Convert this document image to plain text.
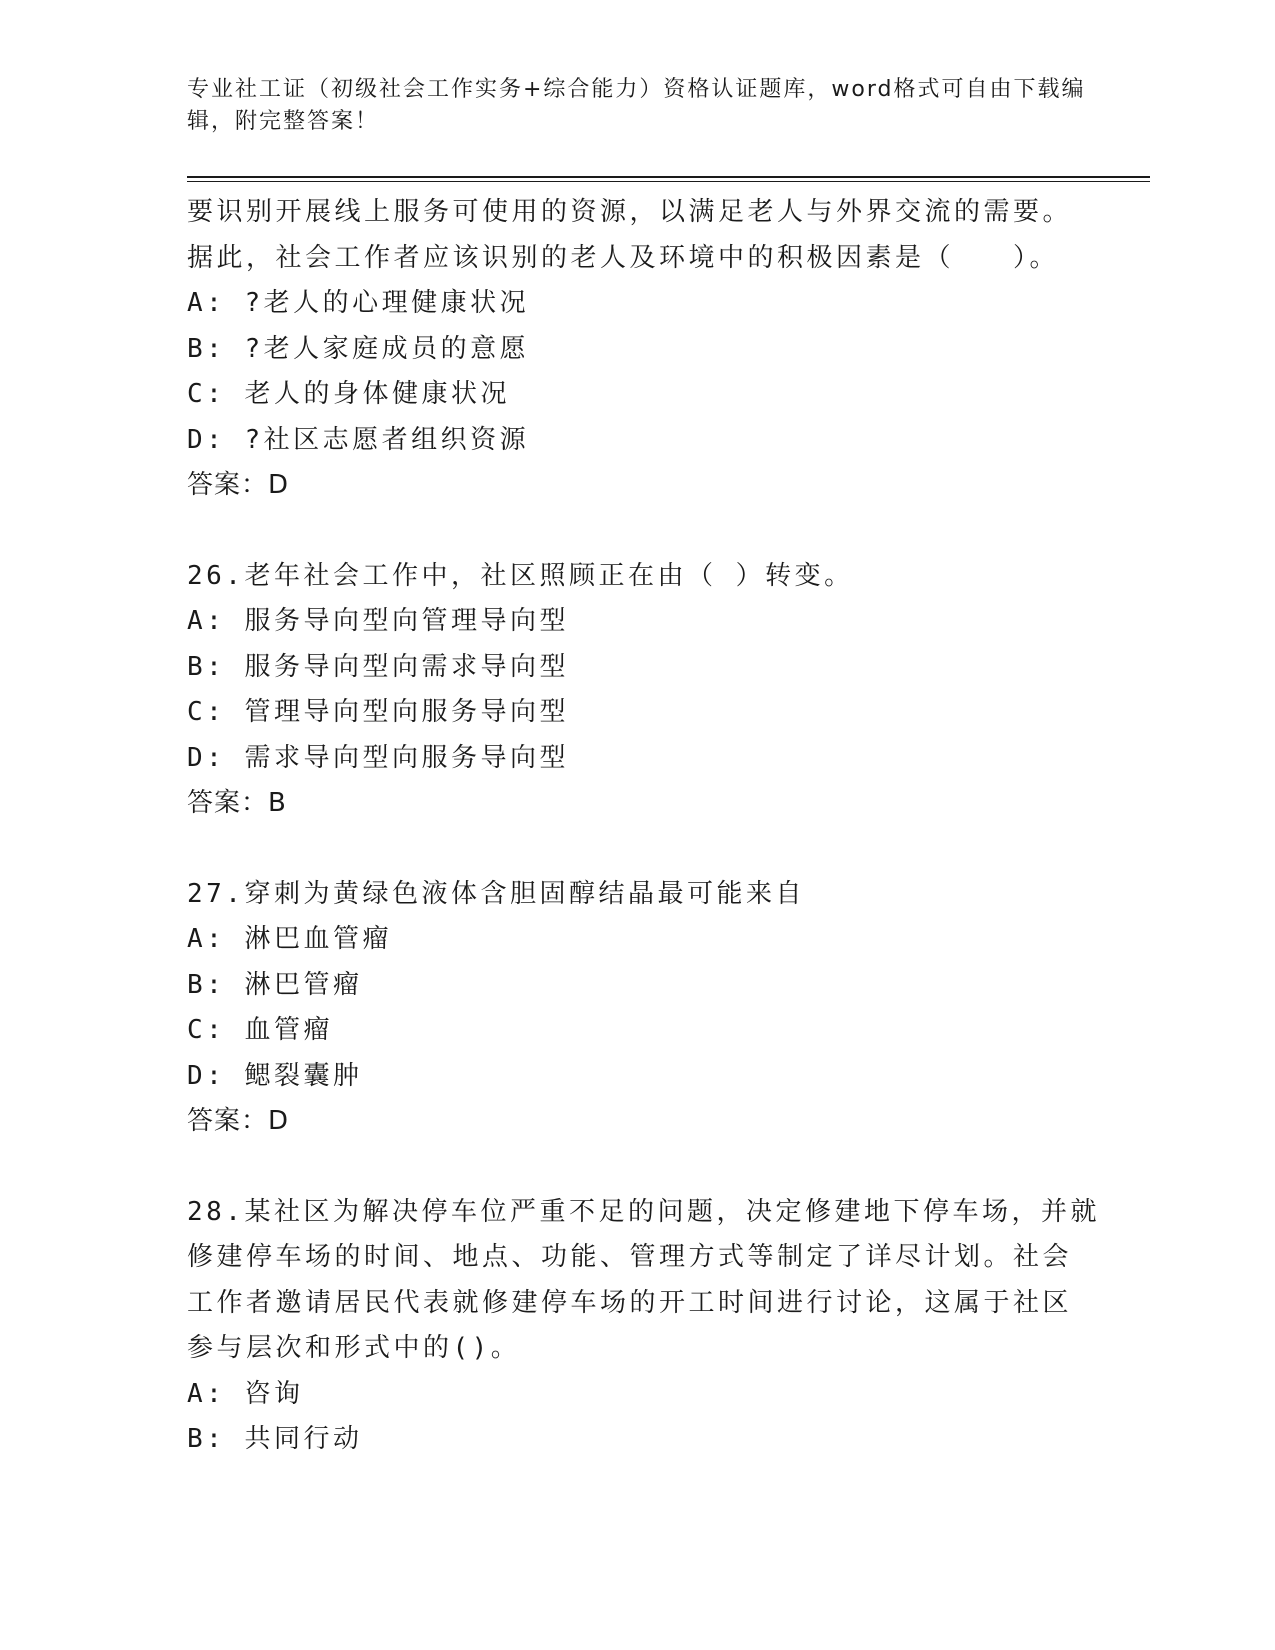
专业社工证（初级社会工作实务+综合能力）资格认证题库，word格式可自由下载编辑，附完整答案！
要识别开展线上服务可使用的资源，以满足老人与外界交流的需要。
据此，社会工作者应该识别的老人及环境中的积极因素是（　　）。
A: ?老人的心理健康状况
B: ?老人家庭成员的意愿
C: 老人的身体健康状况
D: ?社区志愿者组织资源
答案：D
26.老年社会工作中，社区照顾正在由（ ）转变。
A: 服务导向型向管理导向型
B: 服务导向型向需求导向型
C: 管理导向型向服务导向型
D: 需求导向型向服务导向型
答案：B
27.穿刺为黄绿色液体含胆固醇结晶最可能来自
A: 淋巴血管瘤
B: 淋巴管瘤
C: 血管瘤
D: 鳃裂囊肿
答案：D
28.某社区为解决停车位严重不足的问题，决定修建地下停车场，并就
修建停车场的时间、地点、功能、管理方式等制定了详尽计划。社会
工作者邀请居民代表就修建停车场的开工时间进行讨论，这属于社区
参与层次和形式中的()。
A: 咨询
B: 共同行动
